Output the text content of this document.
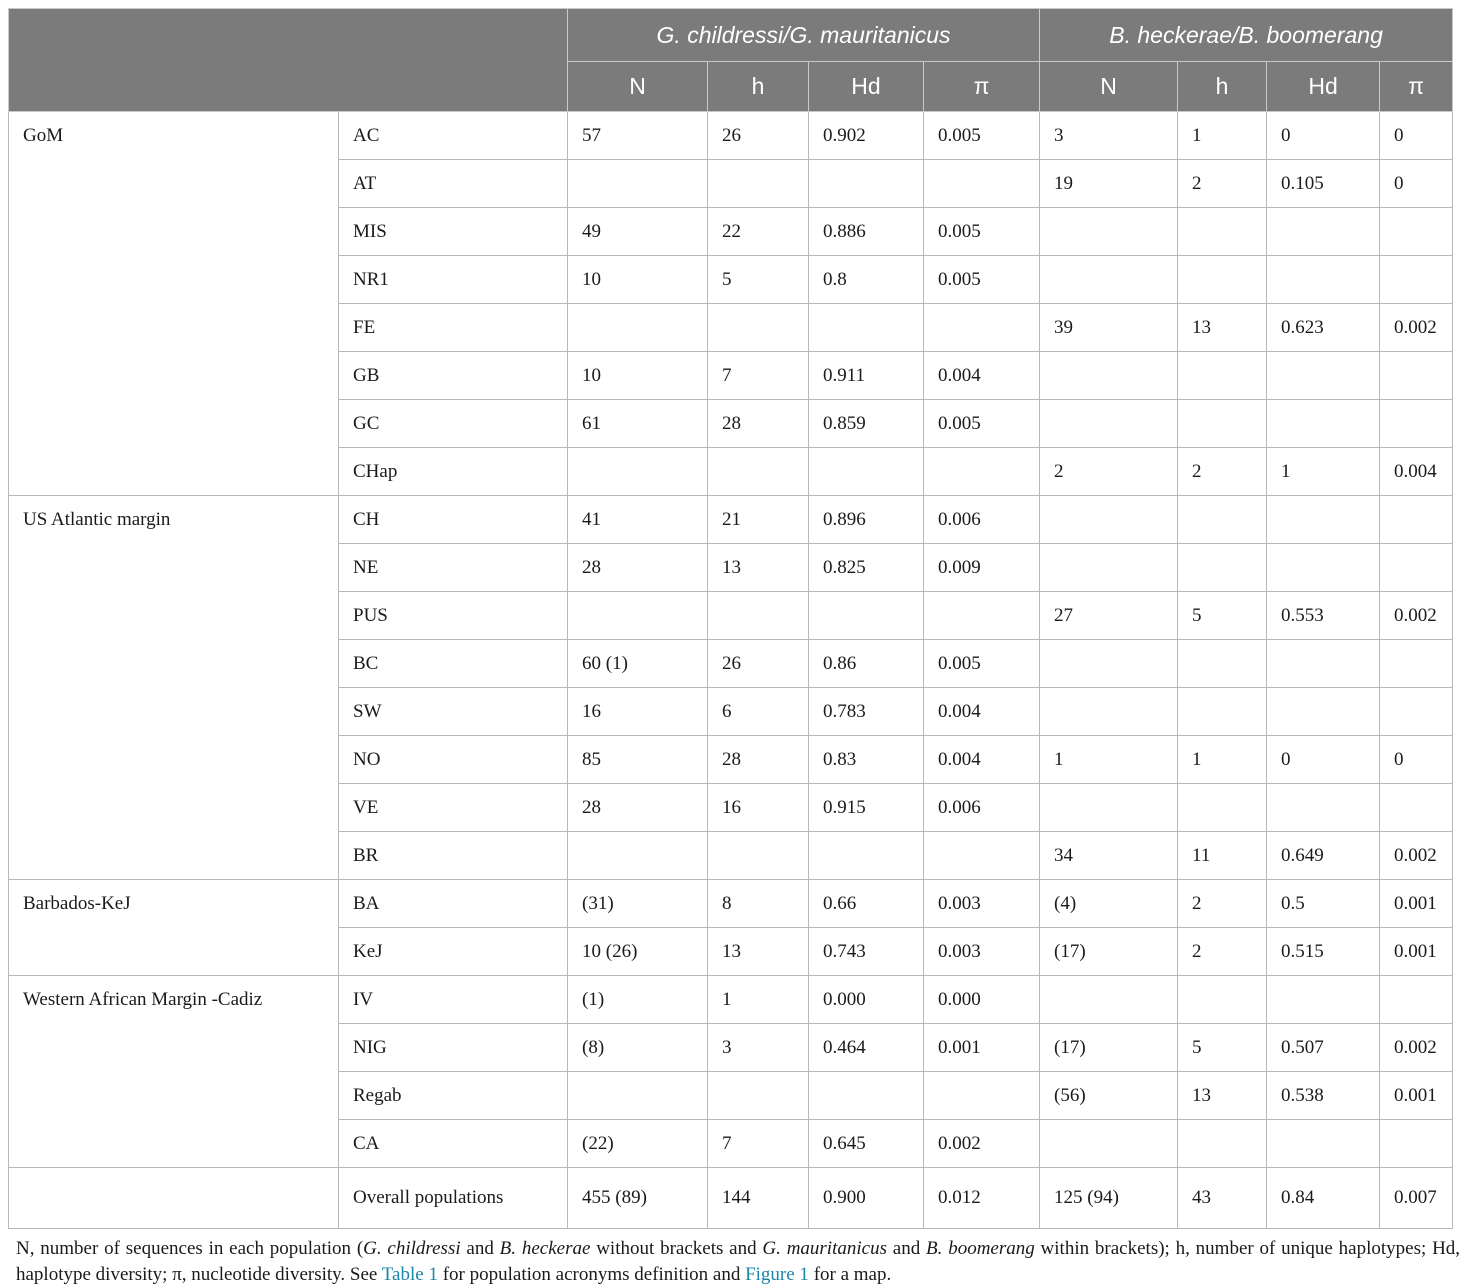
		G. childressi/G. mauritanicus				B. heckerae/B. boomerang			
		N	h	Hd	π	N	h	Hd	π
GoM	AC	57	26	0.902	0.005	3	1	0	0
	AT					19	2	0.105	0
	MIS	49	22	0.886	0.005				
	NR1	10	5	0.8	0.005				
	FE					39	13	0.623	0.002
	GB	10	7	0.911	0.004				
	GC	61	28	0.859	0.005				
	CHap					2	2	1	0.004
US Atlantic margin	CH	41	21	0.896	0.006				
	NE	28	13	0.825	0.009				
	PUS					27	5	0.553	0.002
	BC	60 (1)	26	0.86	0.005				
	SW	16	6	0.783	0.004				
	NO	85	28	0.83	0.004	1	1	0	0
	VE	28	16	0.915	0.006				
	BR					34	11	0.649	0.002
Barbados-KeJ	BA	(31)	8	0.66	0.003	(4)	2	0.5	0.001
	KeJ	10 (26)	13	0.743	0.003	(17)	2	0.515	0.001
Western African Margin -Cadiz	IV	(1)	1	0.000	0.000				
	NIG	(8)	3	0.464	0.001	(17)	5	0.507	0.002
	Regab					(56)	13	0.538	0.001
	CA	(22)	7	0.645	0.002				
	Overall populations	455 (89)	144	0.900	0.012	125 (94)	43	0.84	0.007
N, number of sequences in each population (G. childressi and B. heckerae without brackets and G. mauritanicus and B. boomerang within brackets); h, number of unique haplotypes; Hd, haplotype diversity; π, nucleotide diversity. See Table 1 for population acronyms definition and Figure 1 for a map.
